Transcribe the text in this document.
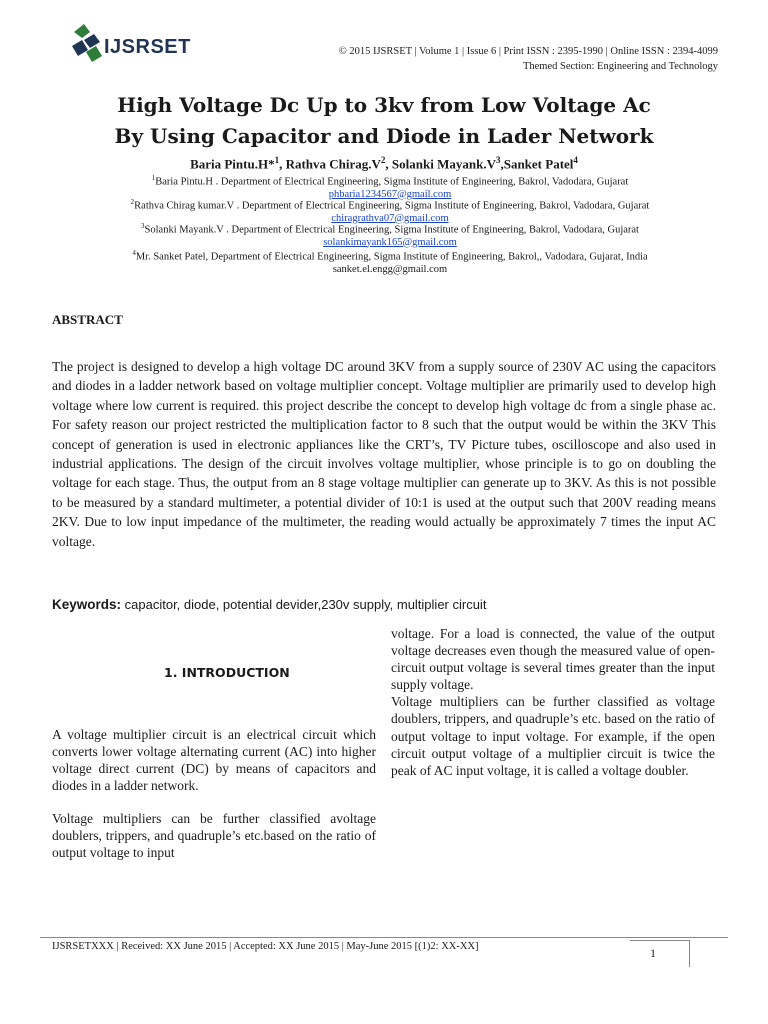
IJSRSET	© 2015 IJSRSET | Volume 1 | Issue 6 | Print ISSN : 2395-1990 | Online ISSN : 2394-4099
Themed Section: Engineering and Technology
High Voltage Dc Up to 3kv from Low Voltage Ac
By Using Capacitor and Diode in Lader Network
Baria Pintu.H*$^1$, Rathva $Chirag.V^2$, Solanki $Mayank.V^3,Sanket$ Patel$^4$
$^1$Baria Pintu.H . Department of Electrical Engineering, Sigma Institute of Engineering, Bakrol, Vadodara, Gujarat
phbaria1234567@gmail.com
$^2$Rathva Chirag kumar.V . Department of Electrical Engineering, Sigma Institute of Engineering, Bakrol, Vadodara, Gujarat
chiragrathva07@gmail.com
$^3$Solanki Mayank.V . Department of Electrical Engineering, Sigma Institute of Engineering, Bakrol, Vadodara, Gujarat
solankimayank165@gmail.com
$^4$Mr. Sanket Patel, Department of Electrical Engineering, Sigma Institute of Engineering, Bakrol,, Vadodara, Gujarat, India
sanket.el.engg@gmail.com
ABSTRACT
The project is designed to develop a high voltage DC around 3KV from a supply source of 230V AC using the capacitors and diodes in a ladder network based on voltage multiplier concept. Voltage multiplier are primarily used to develop high voltage where low current is required. this project describe the concept to develop high voltage dc from a single phase ac. For safety reason our project restricted the multiplication factor to 8 such that the output would be within the 3KV This concept of generation is used in electronic appliances like the CRT’s, TV Picture tubes, oscilloscope and also used in industrial applications. The design of the circuit involves voltage multiplier, whose principle is to go on doubling the voltage for each stage. Thus, the output from an 8 stage voltage multiplier can generate up to 3KV. As this is not possible to be measured by a standard multimeter, a potential divider of 10:1 is used at the output such that 200V reading means 2KV. Due to low input impedance of the multimeter, the reading would actually be approximately 7 times the input AC voltage.
Keywords: capacitor, diode, potential devider,230v supply, multiplier circuit
1. INTRODUCTION
A voltage multiplier circuit is an electrical circuit which converts lower voltage alternating current (AC) into higher voltage direct current (DC) by means of capacitors and diodes in a ladder network.
Voltage multipliers can be further classified avoltage doublers, trippers, and quadruple’s etc.based on the ratio of output voltage to input

voltage. For a load is connected, the value of the output voltage decreases even though the measured value of open-circuit output voltage is several times greater than the input supply voltage.

Voltage multipliers can be further classified as voltage doublers, trippers, and quadruple’s etc. based on the ratio of output voltage to input voltage. For example, if the open circuit output voltage of a multiplier circuit is twice the peak of AC input voltage, it is called a voltage doubler.

IJSRSETXXX | Received: XX June 2015 | Accepted: XX June 2015 | May-June 2015 [(1)2: XX-XX]	1
